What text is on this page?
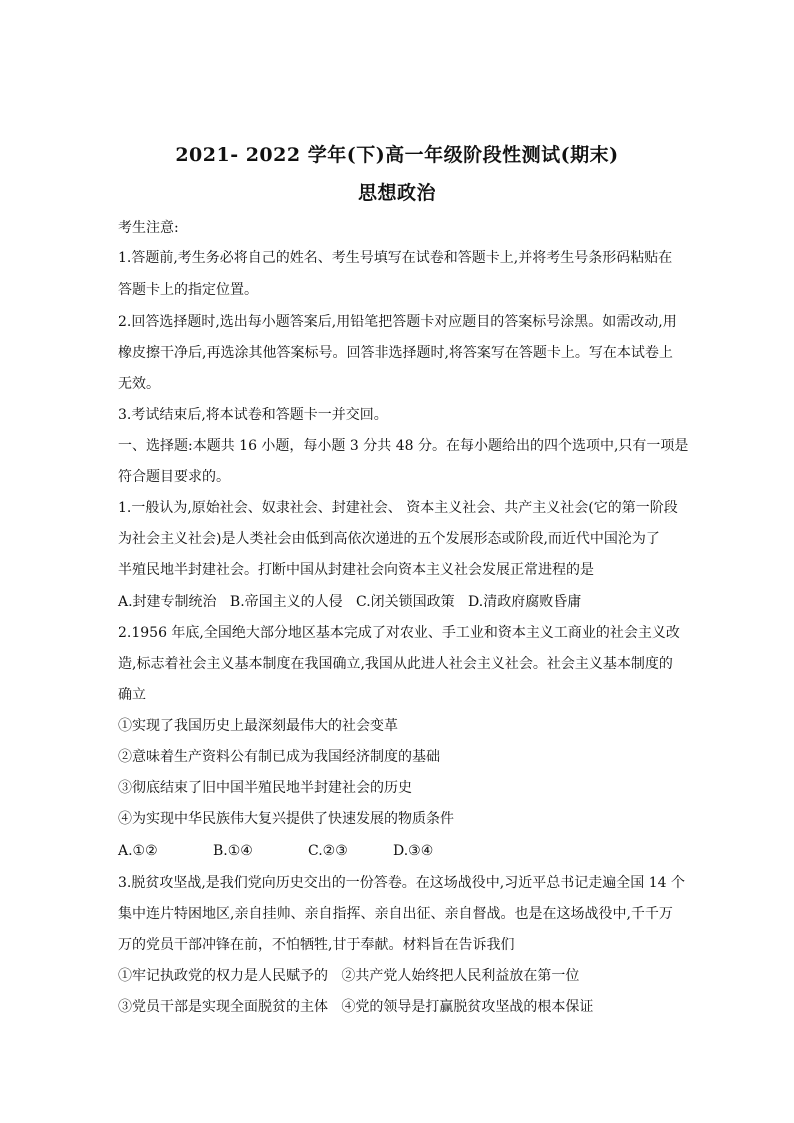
2021- 2022 学年(下)高一年级阶段性测试(期末)
思想政治
考生注意:
1.答题前,考生务必将自己的姓名、考生号填写在试卷和答题卡上,并将考生号条形码粘贴在
答题卡上的指定位置。
2.回答选择题时,选出每小题答案后,用铅笔把答题卡对应题目的答案标号涂黑。如需改动,用
橡皮擦干净后,再选涂其他答案标号。回答非选择题时,将答案写在答题卡上。写在本试卷上
无效。
3.考试结束后,将本试卷和答题卡一并交回。
一、选择题:本题共 16 小题，每小题 3 分共 48 分。在每小题给出的四个选项中,只有一项是
符合题目要求的。
1.一般认为,原始社会、奴隶社会、封建社会、 资本主义社会、共产主义社会(它的第一阶段
为社会主义社会)是人类社会由低到高依次递进的五个发展形态或阶段,而近代中国沦为了
半殖民地半封建社会。打断中国从封建社会向资本主义社会发展正常进程的是
A.封建专制统治   B.帝国主义的人侵   C.闭关锁国政策   D.清政府腐败昏庸
2.1956 年底,全国绝大部分地区基本完成了对农业、手工业和资本主义工商业的社会主义改
造,标志着社会主义基本制度在我国确立,我国从此进人社会主义社会。社会主义基本制度的
确立
①实现了我国历史上最深刻最伟大的社会变革
②意味着生产资料公有制已成为我国经济制度的基础
③彻底结束了旧中国半殖民地半封建社会的历史
④为实现中华民族伟大复兴提供了快速发展的物质条件
A.①②	B.①④	C.②③	D.③④
3.脱贫攻坚战,是我们党向历史交出的一份答卷。在这场战役中,习近平总书记走遍全国 14 个
集中连片特困地区,亲自挂帅、亲自指挥、亲自出征、亲自督战。也是在这场战役中,千千万
万的党员干部冲锋在前，不怕牺牲,甘于奉献。材料旨在告诉我们
①牢记执政党的权力是人民赋予的   ②共产党人始终把人民利益放在第一位
③党员干部是实现全面脱贫的主体   ④党的领导是打赢脱贫攻坚战的根本保证
